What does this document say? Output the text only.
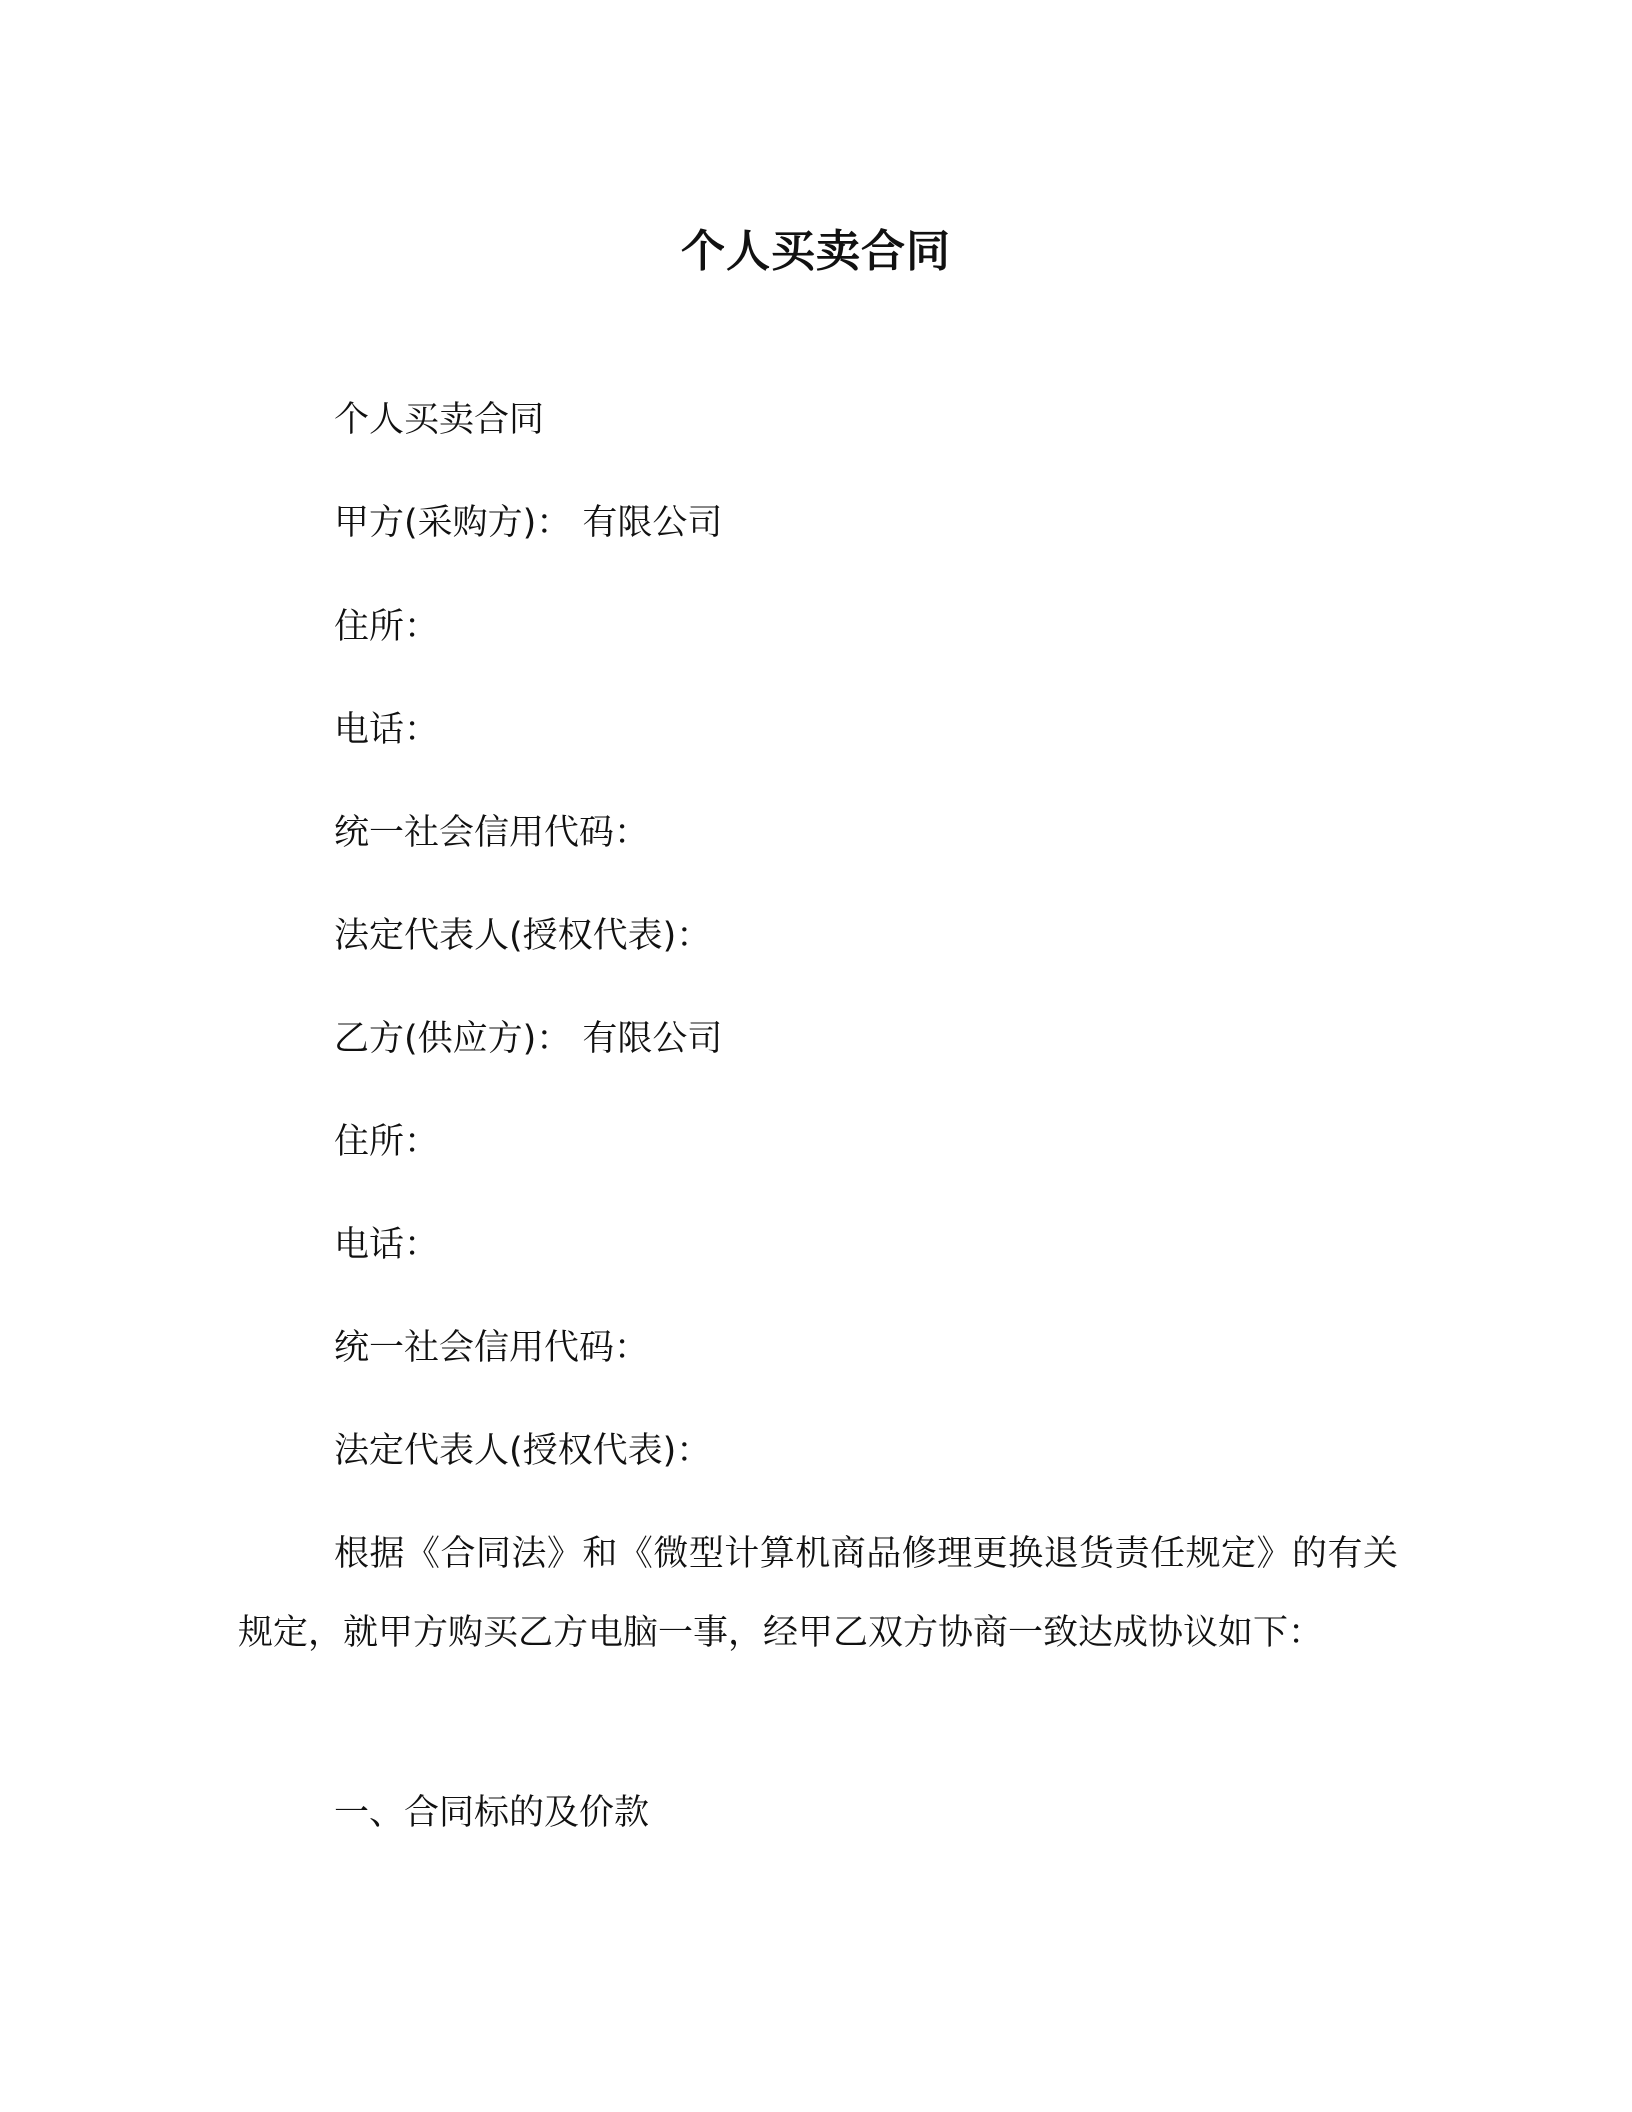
个人买卖合同
个人买卖合同
甲方(采购方)： 有限公司
住所：
电话：
统一社会信用代码：
法定代表人(授权代表)：
乙方(供应方)： 有限公司
住所：
电话：
统一社会信用代码：
法定代表人(授权代表)：
根据《合同法》和《微型计算机商品修理更换退货责任规定》的有关规定，就甲方购买乙方电脑一事，经甲乙双方协商一致达成协议如下：
一、合同标的及价款
